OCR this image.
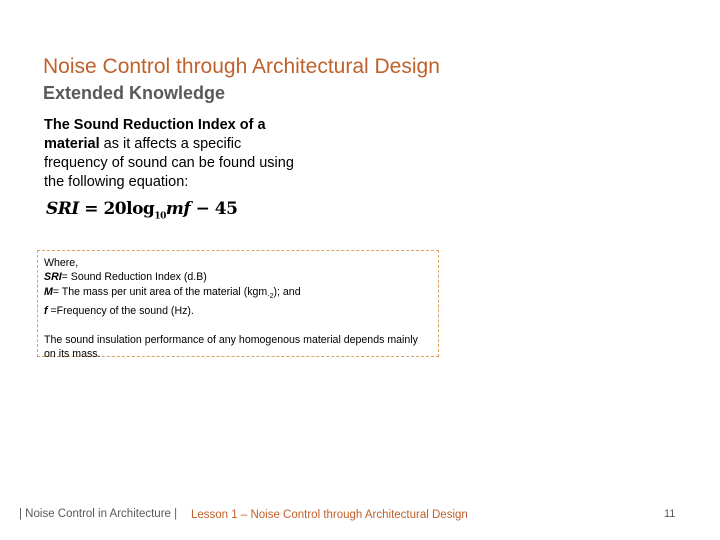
Noise Control through Architectural Design
Extended Knowledge
The Sound Reduction Index of a material as it affects a specific frequency of sound can be found using the following equation:
SRI = $20\log_{10}mf - 45$
Where,
SRI= Sound Reduction Index (d.B)
M= The mass per unit area of the material (kgm$_{-2}$); and
f =Frequency of the sound (Hz).
The sound insulation performance of any homogenous material depends mainly on its mass.
| Noise Control in Architecture | Lesson 1 – Noise Control through Architectural Design	11
